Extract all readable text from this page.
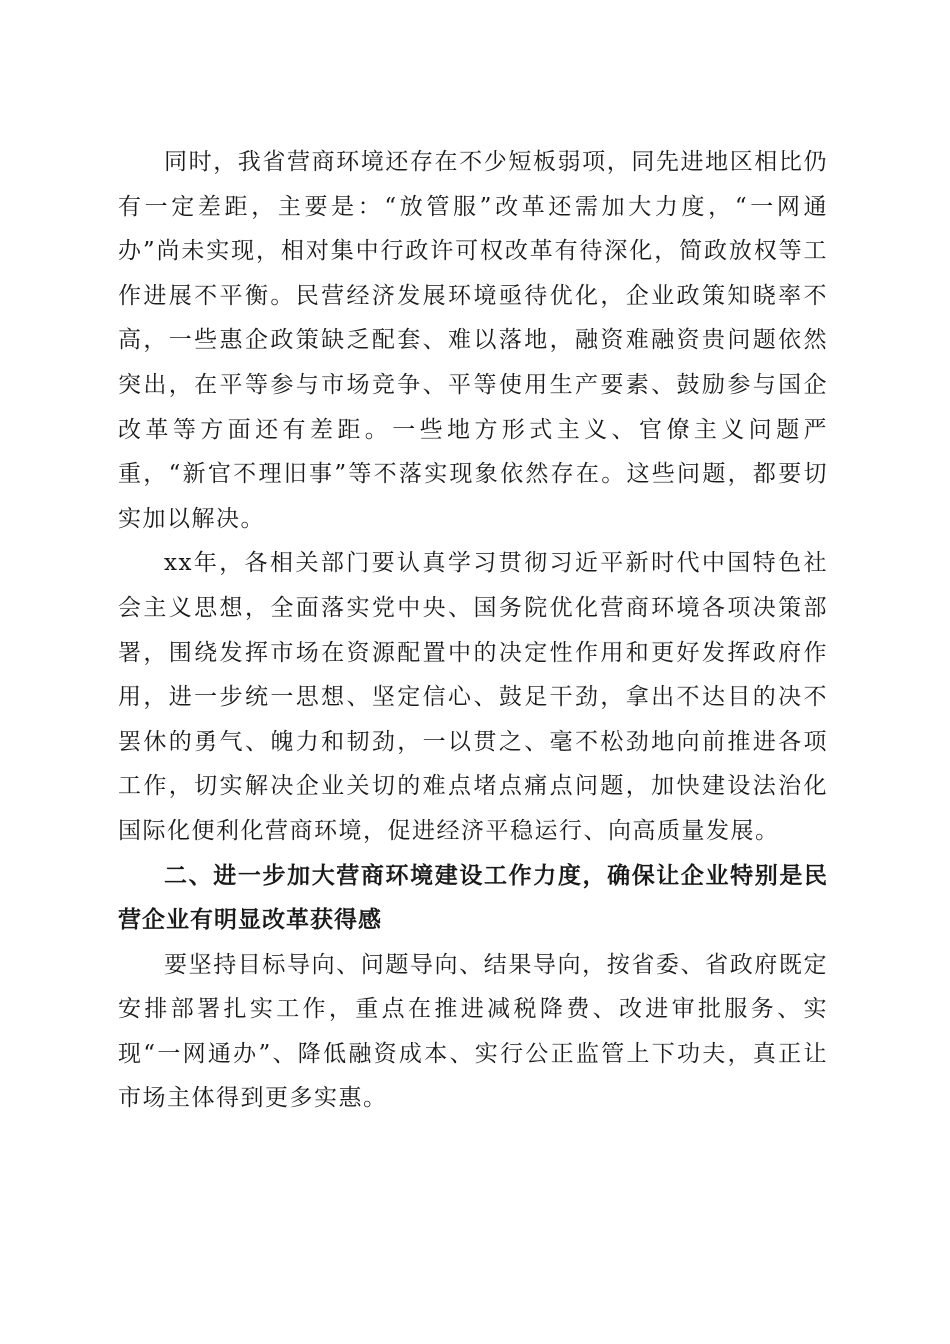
同时，我省营商环境还存在不少短板弱项，同先进地区相比仍有一定差距，主要是：“放管服”改革还需加大力度，“一网通办”尚未实现，相对集中行政许可权改革有待深化，简政放权等工作进展不平衡。民营经济发展环境亟待优化，企业政策知晓率不高，一些惠企政策缺乏配套、难以落地，融资难融资贵问题依然突出，在平等参与市场竞争、平等使用生产要素、鼓励参与国企改革等方面还有差距。一些地方形式主义、官僚主义问题严重，“新官不理旧事”等不落实现象依然存在。这些问题，都要切实加以解决。

xx年，各相关部门要认真学习贯彻习近平新时代中国特色社会主义思想，全面落实党中央、国务院优化营商环境各项决策部署，围绕发挥市场在资源配置中的决定性作用和更好发挥政府作用，进一步统一思想、坚定信心、鼓足干劲，拿出不达目的决不罢休的勇气、魄力和韧劲，一以贯之、毫不松劲地向前推进各项工作，切实解决企业关切的难点堵点痛点问题，加快建设法治化国际化便利化营商环境，促进经济平稳运行、向高质量发展。

二、进一步加大营商环境建设工作力度，确保让企业特别是民营企业有明显改革获得感

要坚持目标导向、问题导向、结果导向，按省委、省政府既定安排部署扎实工作，重点在推进减税降费、改进审批服务、实现“一网通办”、降低融资成本、实行公正监管上下功夫，真正让市场主体得到更多实惠。
